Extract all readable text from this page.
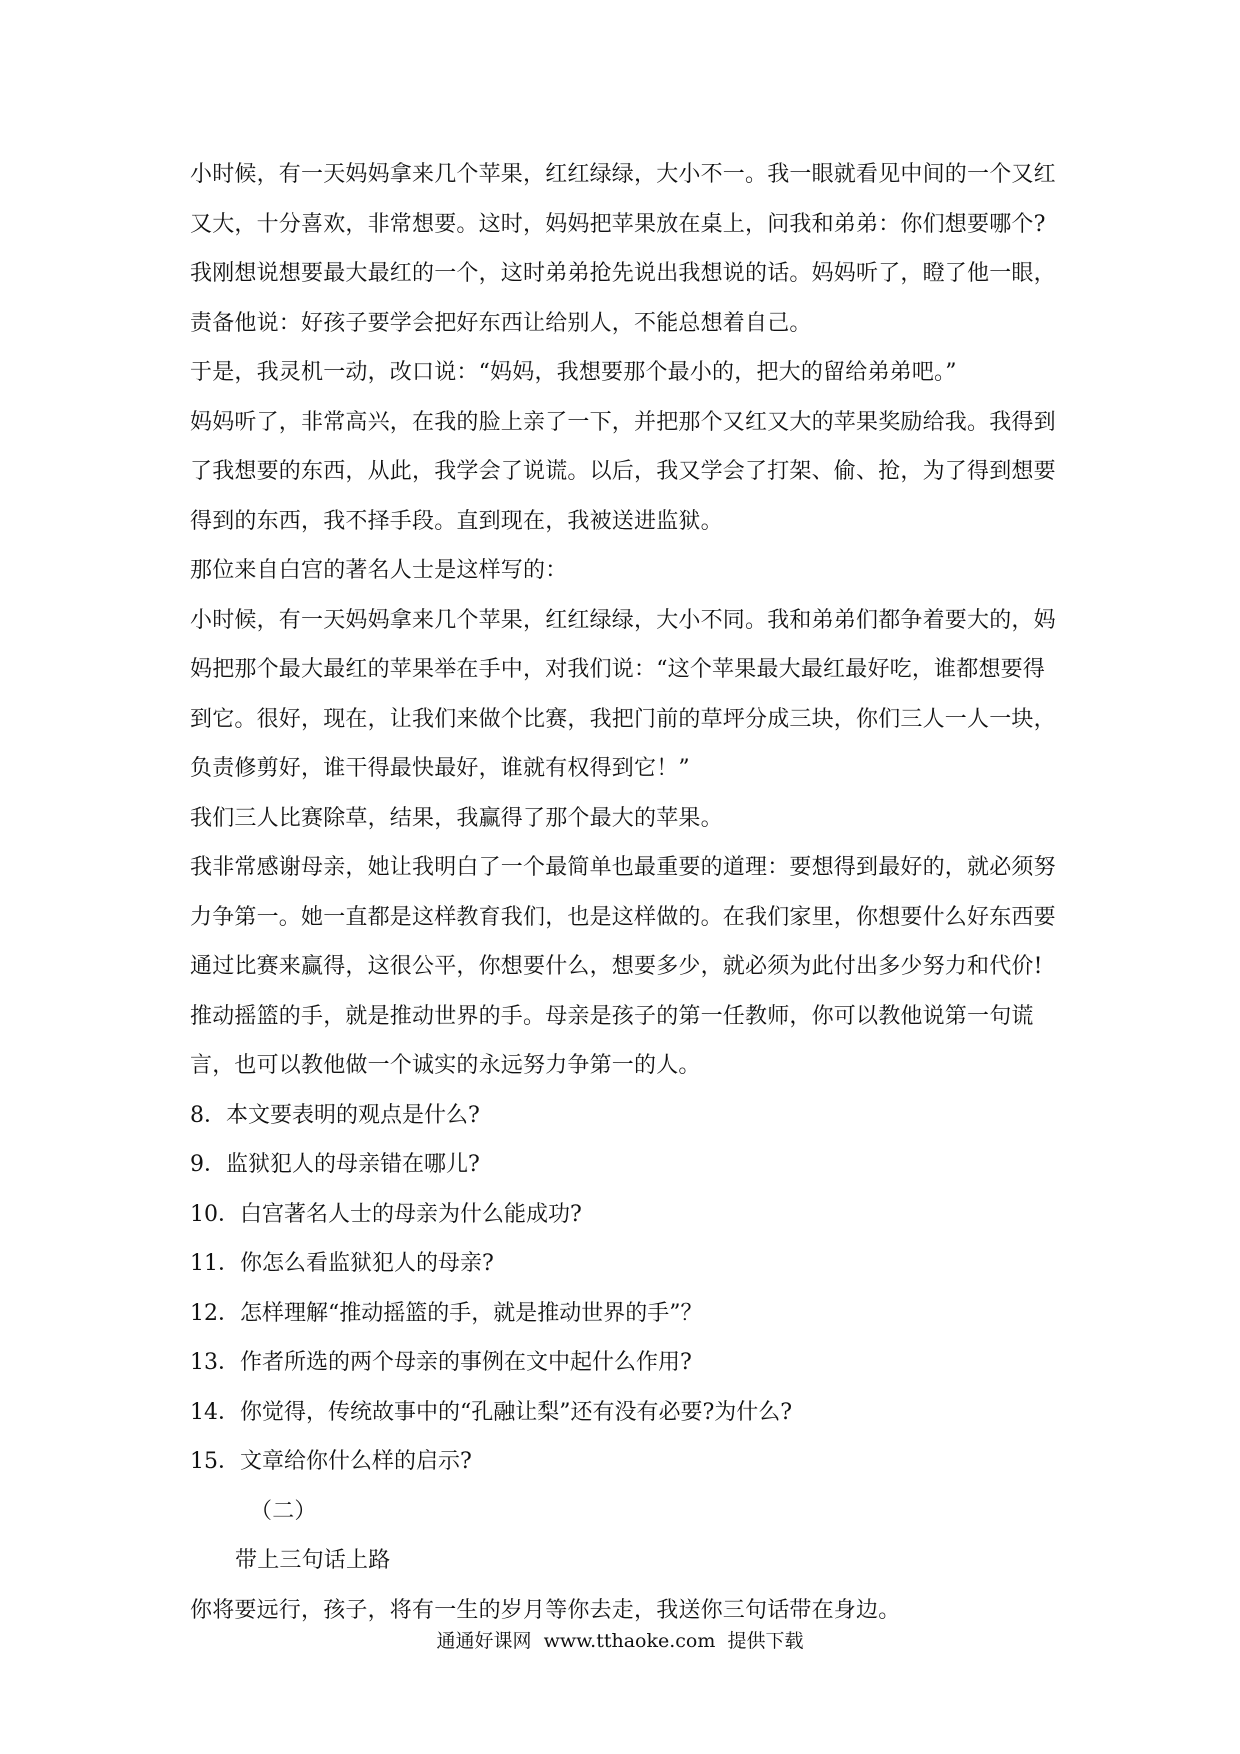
小时候，有一天妈妈拿来几个苹果，红红绿绿，大小不一。我一眼就看见中间的一个又红又大，十分喜欢，非常想要。这时，妈妈把苹果放在桌上，问我和弟弟：你们想要哪个?我刚想说想要最大最红的一个，这时弟弟抢先说出我想说的话。妈妈听了，瞪了他一眼，责备他说：好孩子要学会把好东西让给别人，不能总想着自己。

于是，我灵机一动，改口说：“妈妈，我想要那个最小的，把大的留给弟弟吧。”

妈妈听了，非常高兴，在我的脸上亲了一下，并把那个又红又大的苹果奖励给我。我得到了我想要的东西，从此，我学会了说谎。以后，我又学会了打架、偷、抢，为了得到想要得到的东西，我不择手段。直到现在，我被送进监狱。

那位来自白宫的著名人士是这样写的：

小时候，有一天妈妈拿来几个苹果，红红绿绿，大小不同。我和弟弟们都争着要大的，妈妈把那个最大最红的苹果举在手中，对我们说：“这个苹果最大最红最好吃，谁都想要得到它。很好，现在，让我们来做个比赛，我把门前的草坪分成三块，你们三人一人一块，负责修剪好，谁干得最快最好，谁就有权得到它！”

我们三人比赛除草，结果，我赢得了那个最大的苹果。

我非常感谢母亲，她让我明白了一个最简单也最重要的道理：要想得到最好的，就必须努力争第一。她一直都是这样教育我们，也是这样做的。在我们家里，你想要什么好东西要通过比赛来赢得，这很公平，你想要什么，想要多少，就必须为此付出多少努力和代价!

推动摇篮的手，就是推动世界的手。母亲是孩子的第一任教师，你可以教他说第一句谎言，也可以教他做一个诚实的永远努力争第一的人。

8．本文要表明的观点是什么?

9．监狱犯人的母亲错在哪儿?

10．白宫著名人士的母亲为什么能成功?

11．你怎么看监狱犯人的母亲?

12．怎样理解“推动摇篮的手，就是推动世界的手”？

13．作者所选的两个母亲的事例在文中起什么作用?

14．你觉得，传统故事中的“孔融让梨”还有没有必要?为什么?

15．文章给你什么样的启示?

（二）

带上三句话上路

你将要远行，孩子，将有一生的岁月等你去走，我送你三句话带在身边。

通通好课网 www.tthaoke.com 提供下载
